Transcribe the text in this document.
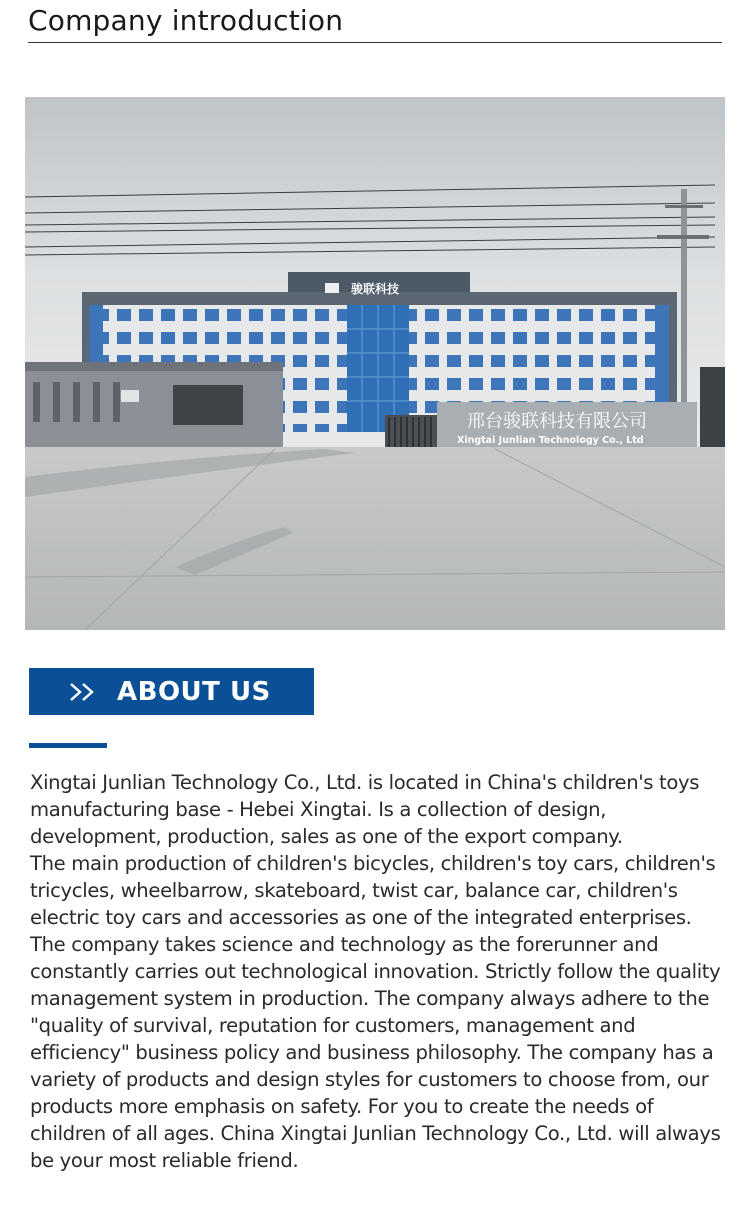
Company introduction
骏联科技
邢台骏联科技有限公司
Xingtai Junlian Technology Co., Ltd
ABOUT US

Xingtai Junlian Technology Co., Ltd. is located in China's children's toys manufacturing base - Hebei Xingtai. Is a collection of design, development, production, sales as one of the export company.

The main production of children's bicycles, children's toy cars, children's tricycles, wheelbarrow, skateboard, twist car, balance car, children's electric toy cars and accessories as one of the integrated enterprises.

The company takes science and technology as the forerunner and constantly carries out technological innovation. Strictly follow the quality management system in production. The company always adhere to the "quality of survival, reputation for customers, management and efficiency" business policy and business philosophy. The company has a variety of products and design styles for customers to choose from, our products more emphasis on safety. For you to create the needs of children of all ages. China Xingtai Junlian Technology Co., Ltd. will always be your most reliable friend.
